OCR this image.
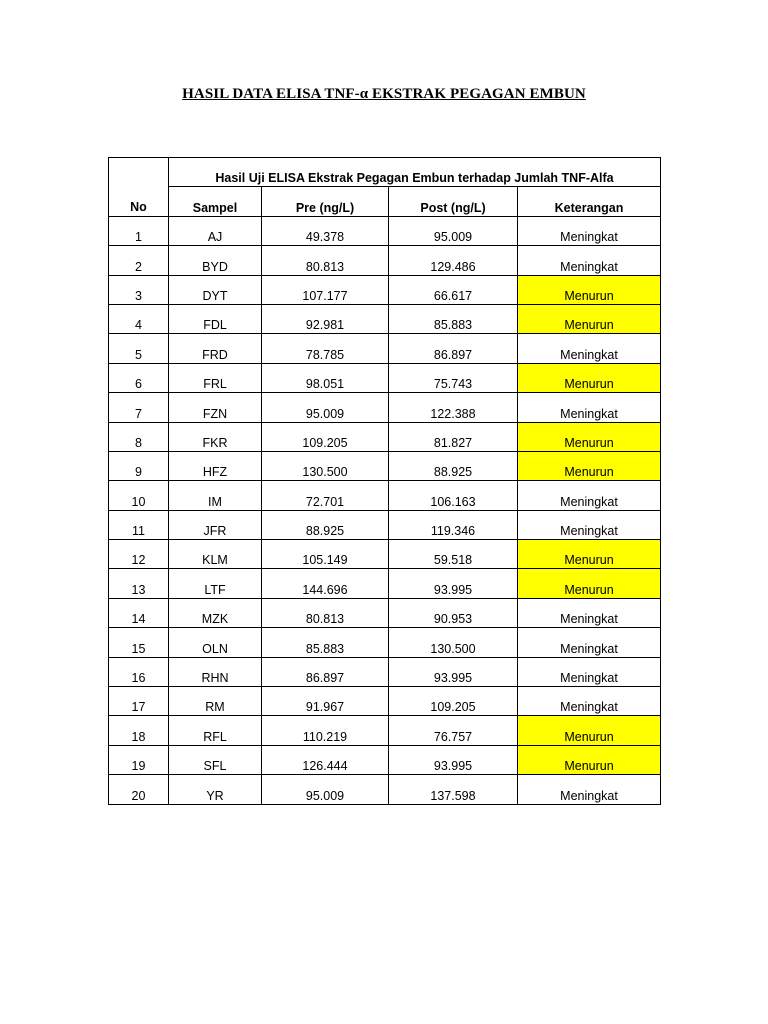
HASIL DATA ELISA TNF-α EKSTRAK PEGAGAN EMBUN
No	Hasil Uji ELISA Ekstrak Pegagan Embun terhadap Jumlah TNF-Alfa			
	Sampel	Pre (ng/L)	Post (ng/L)	Keterangan
1	AJ	49.378	95.009	Meningkat
2	BYD	80.813	129.486	Meningkat
3	DYT	107.177	66.617	Menurun
4	FDL	92.981	85.883	Menurun
5	FRD	78.785	86.897	Meningkat
6	FRL	98.051	75.743	Menurun
7	FZN	95.009	122.388	Meningkat
8	FKR	109.205	81.827	Menurun
9	HFZ	130.500	88.925	Menurun
10	IM	72.701	106.163	Meningkat
11	JFR	88.925	119.346	Meningkat
12	KLM	105.149	59.518	Menurun
13	LTF	144.696	93.995	Menurun
14	MZK	80.813	90.953	Meningkat
15	OLN	85.883	130.500	Meningkat
16	RHN	86.897	93.995	Meningkat
17	RM	91.967	109.205	Meningkat
18	RFL	110.219	76.757	Menurun
19	SFL	126.444	93.995	Menurun
20	YR	95.009	137.598	Meningkat
